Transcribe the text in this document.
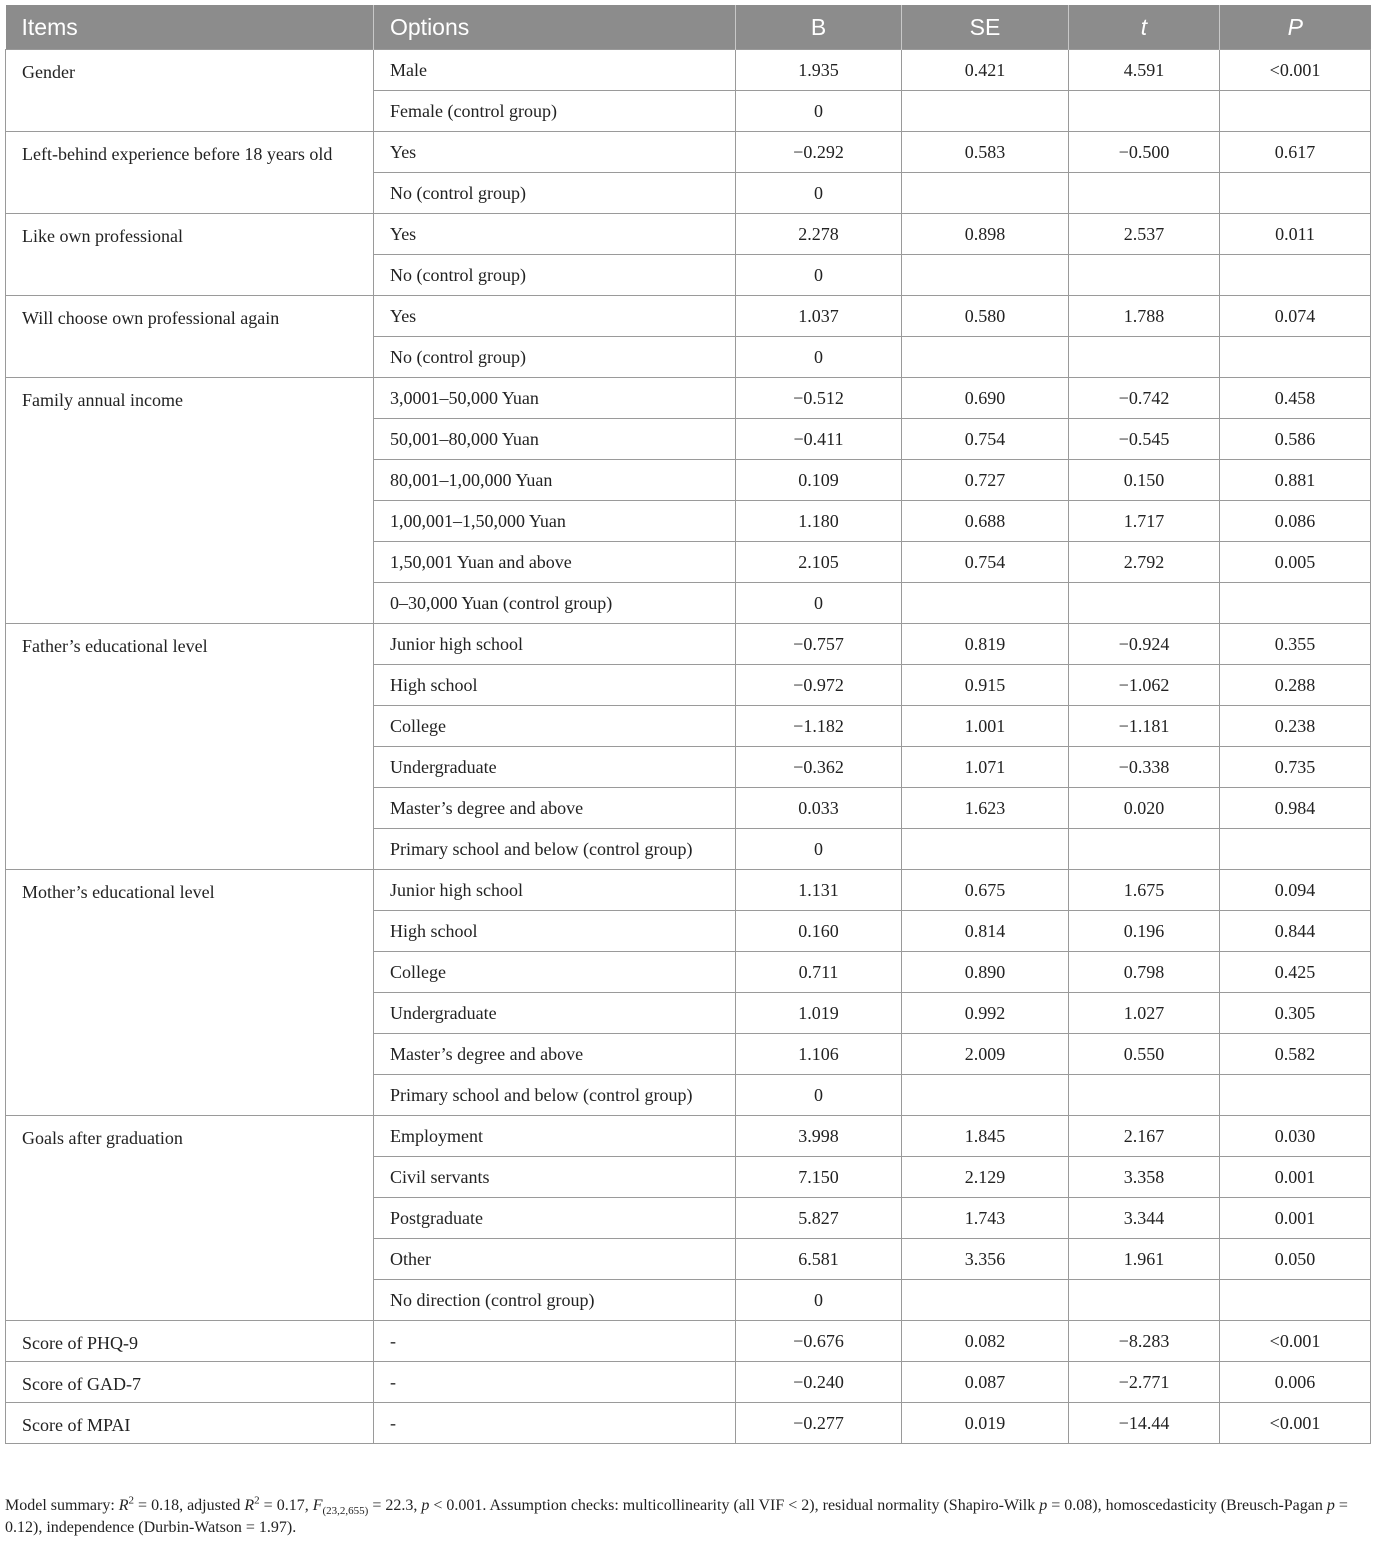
Items	Options	B	SE	t	P
Gender	Male	1.935	0.421	4.591	<0.001
	Female (control group)	0			
Left-behind experience before 18 years old	Yes	−0.292	0.583	−0.500	0.617
	No (control group)	0			
Like own professional	Yes	2.278	0.898	2.537	0.011
	No (control group)	0			
Will choose own professional again	Yes	1.037	0.580	1.788	0.074
	No (control group)	0			
Family annual income	3,0001–50,000 Yuan	−0.512	0.690	−0.742	0.458
	50,001–80,000 Yuan	−0.411	0.754	−0.545	0.586
	80,001–1,00,000 Yuan	0.109	0.727	0.150	0.881
	1,00,001–1,50,000 Yuan	1.180	0.688	1.717	0.086
	1,50,001 Yuan and above	2.105	0.754	2.792	0.005
	0–30,000 Yuan (control group)	0			
Father’s educational level	Junior high school	−0.757	0.819	−0.924	0.355
	High school	−0.972	0.915	−1.062	0.288
	College	−1.182	1.001	−1.181	0.238
	Undergraduate	−0.362	1.071	−0.338	0.735
	Master’s degree and above	0.033	1.623	0.020	0.984
	Primary school and below (control group)	0			
Mother’s educational level	Junior high school	1.131	0.675	1.675	0.094
	High school	0.160	0.814	0.196	0.844
	College	0.711	0.890	0.798	0.425
	Undergraduate	1.019	0.992	1.027	0.305
	Master’s degree and above	1.106	2.009	0.550	0.582
	Primary school and below (control group)	0			
Goals after graduation	Employment	3.998	1.845	2.167	0.030
	Civil servants	7.150	2.129	3.358	0.001
	Postgraduate	5.827	1.743	3.344	0.001
	Other	6.581	3.356	1.961	0.050
	No direction (control group)	0			
Score of PHQ-9	-	−0.676	0.082	−8.283	<0.001
Score of GAD-7	-	−0.240	0.087	−2.771	0.006
Score of MPAI	-	−0.277	0.019	−14.44	<0.001

Model summary: $R^2 = 0.18$, adjusted $R^2 = 0.17$, $F_{(23,2,655)} = 22.3$, p < 0.001. Assumption checks: multicollinearity (all VIF < 2), residual normality (Shapiro-Wilk p = 0.08), homoscedasticity (Breusch-Pagan p = 0.12), independence (Durbin-Watson = 1.97).
